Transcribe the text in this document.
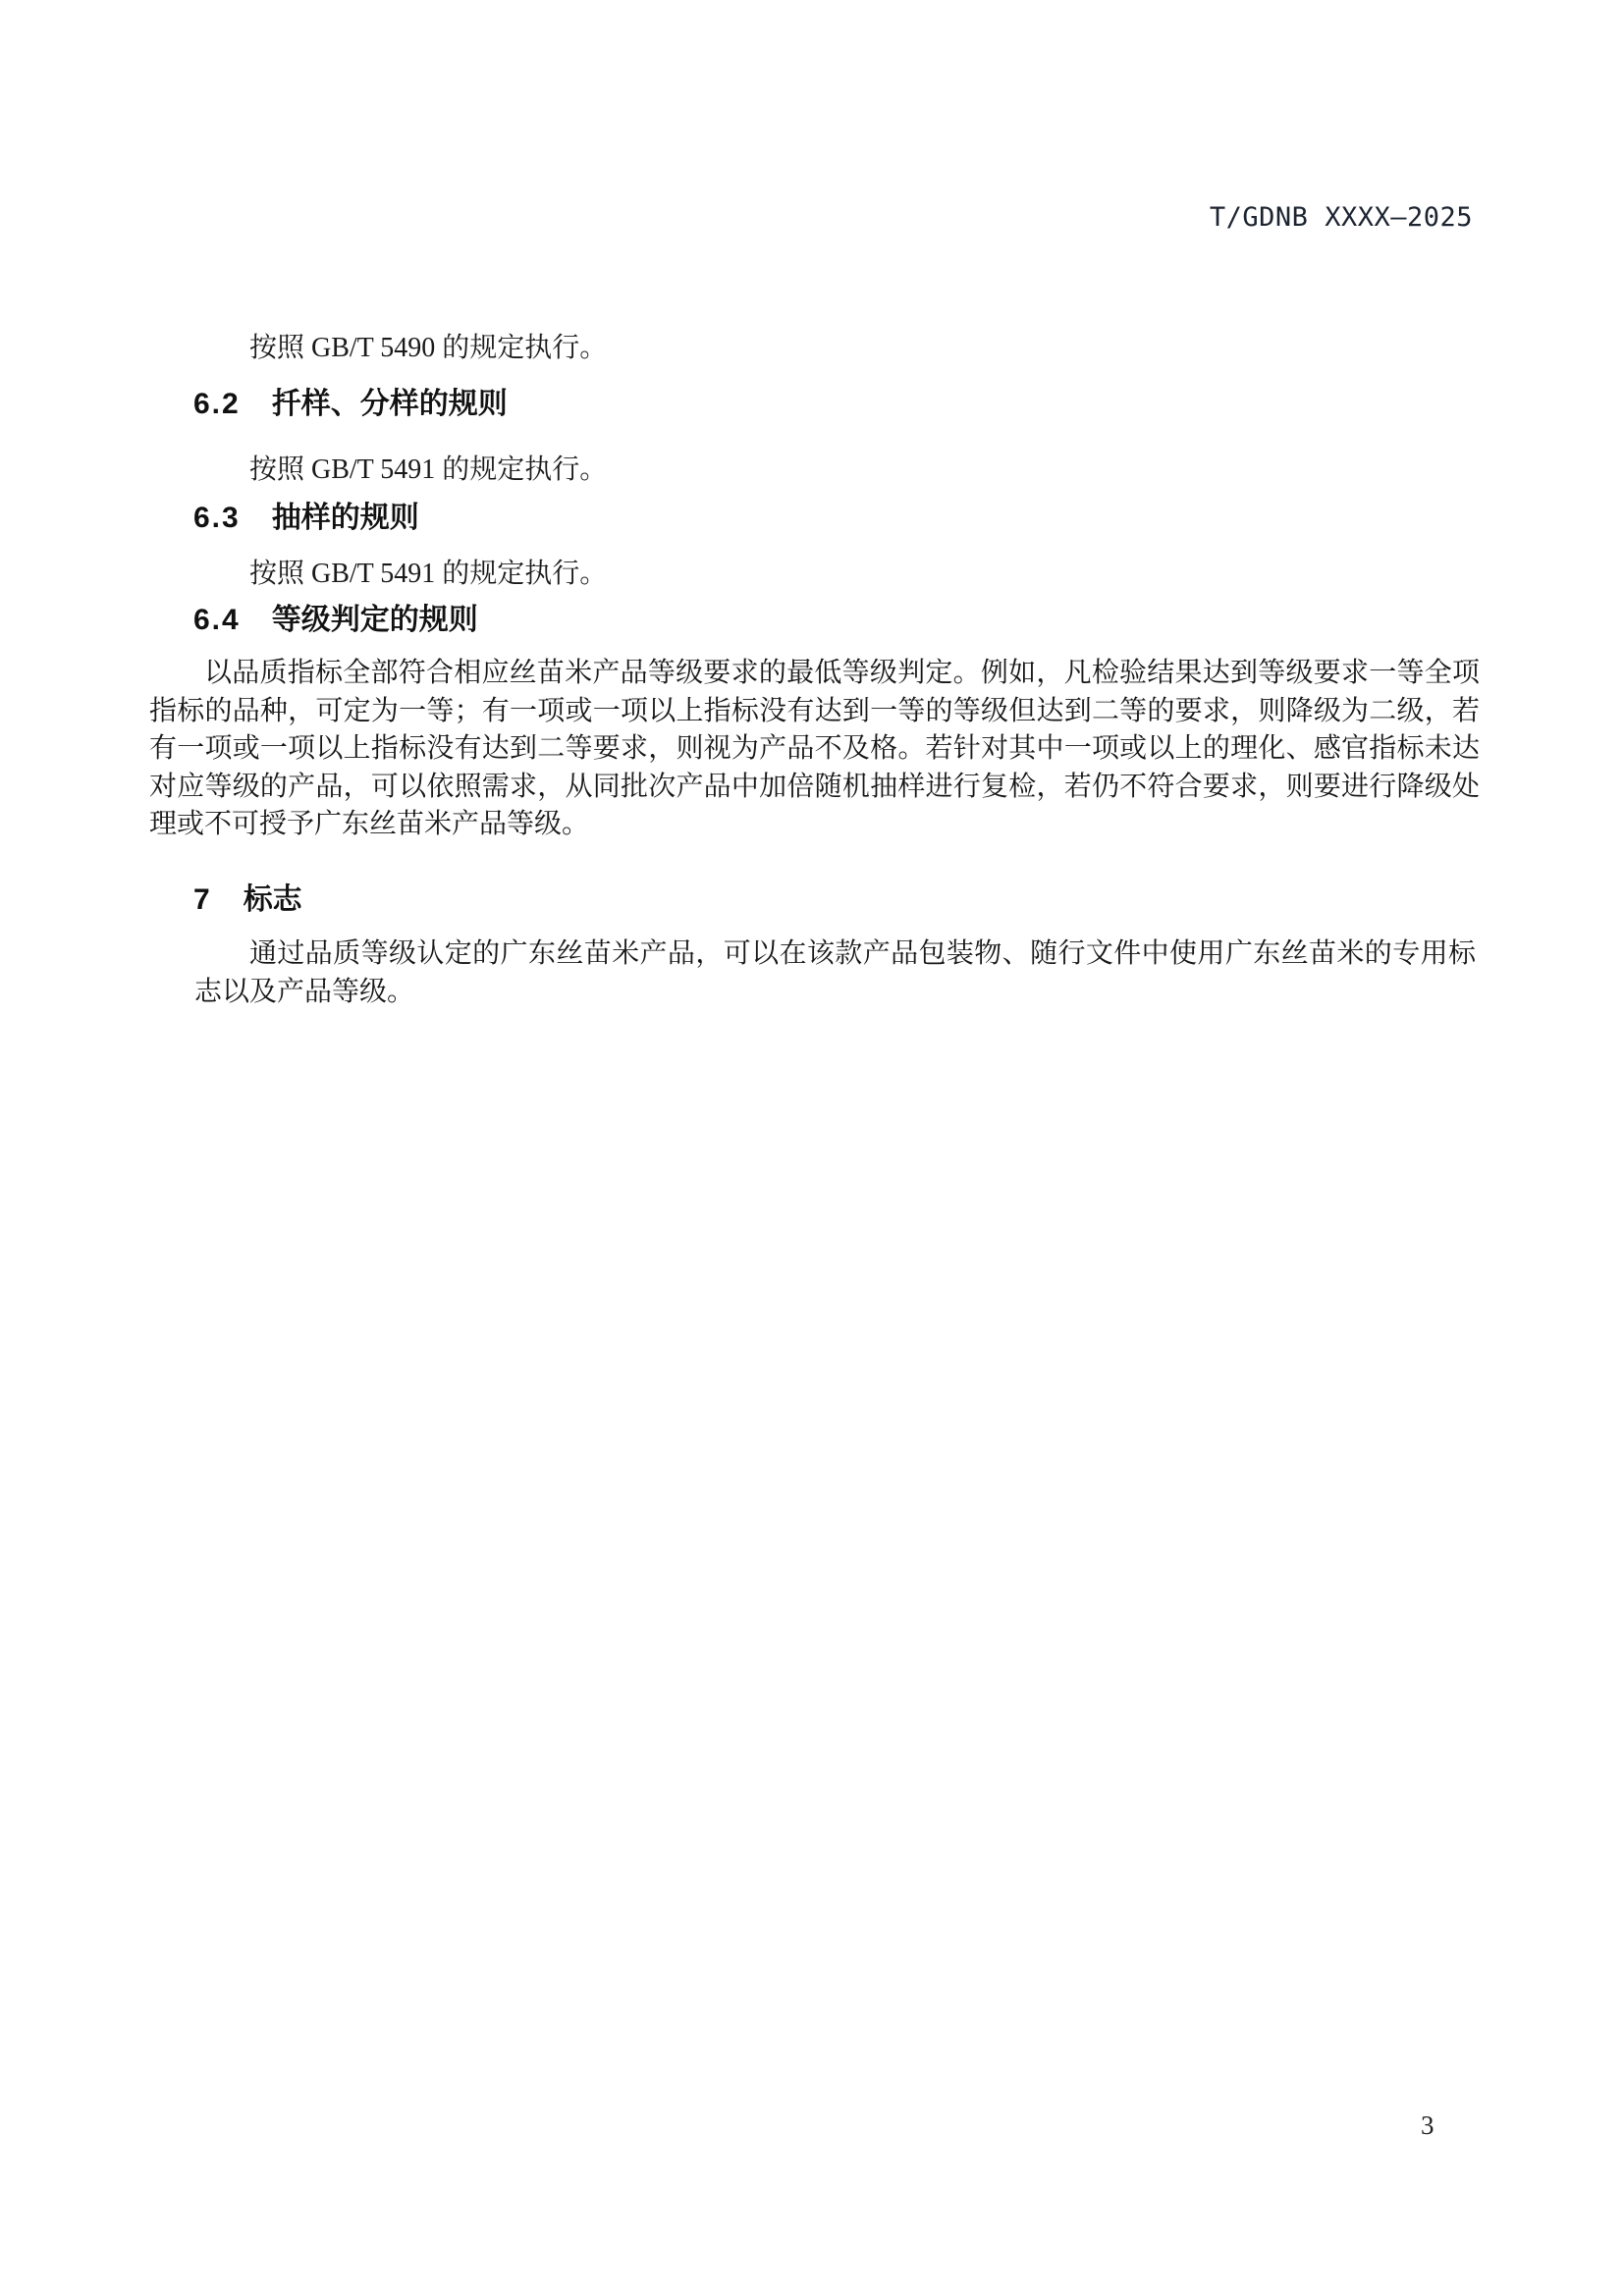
T/GDNB XXXX—2025
按照 GB/T 5490 的规定执行。
6.2 扦样、分样的规则
按照 GB/T 5491 的规定执行。
6.3 抽样的规则
按照 GB/T 5491 的规定执行。
6.4 等级判定的规则
以品质指标全部符合相应丝苗米产品等级要求的最低等级判定。例如，凡检验结果达到等级要求一等全项指标的品种，可定为一等；有一项或一项以上指标没有达到一等的等级但达到二等的要求，则降级为二级，若有一项或一项以上指标没有达到二等要求，则视为产品不及格。若针对其中一项或以上的理化、感官指标未达对应等级的产品，可以依照需求，从同批次产品中加倍随机抽样进行复检，若仍不符合要求，则要进行降级处理或不可授予广东丝苗米产品等级。
7 标志
通过品质等级认定的广东丝苗米产品，可以在该款产品包装物、随行文件中使用广东丝苗米的专用标志以及产品等级。
3
